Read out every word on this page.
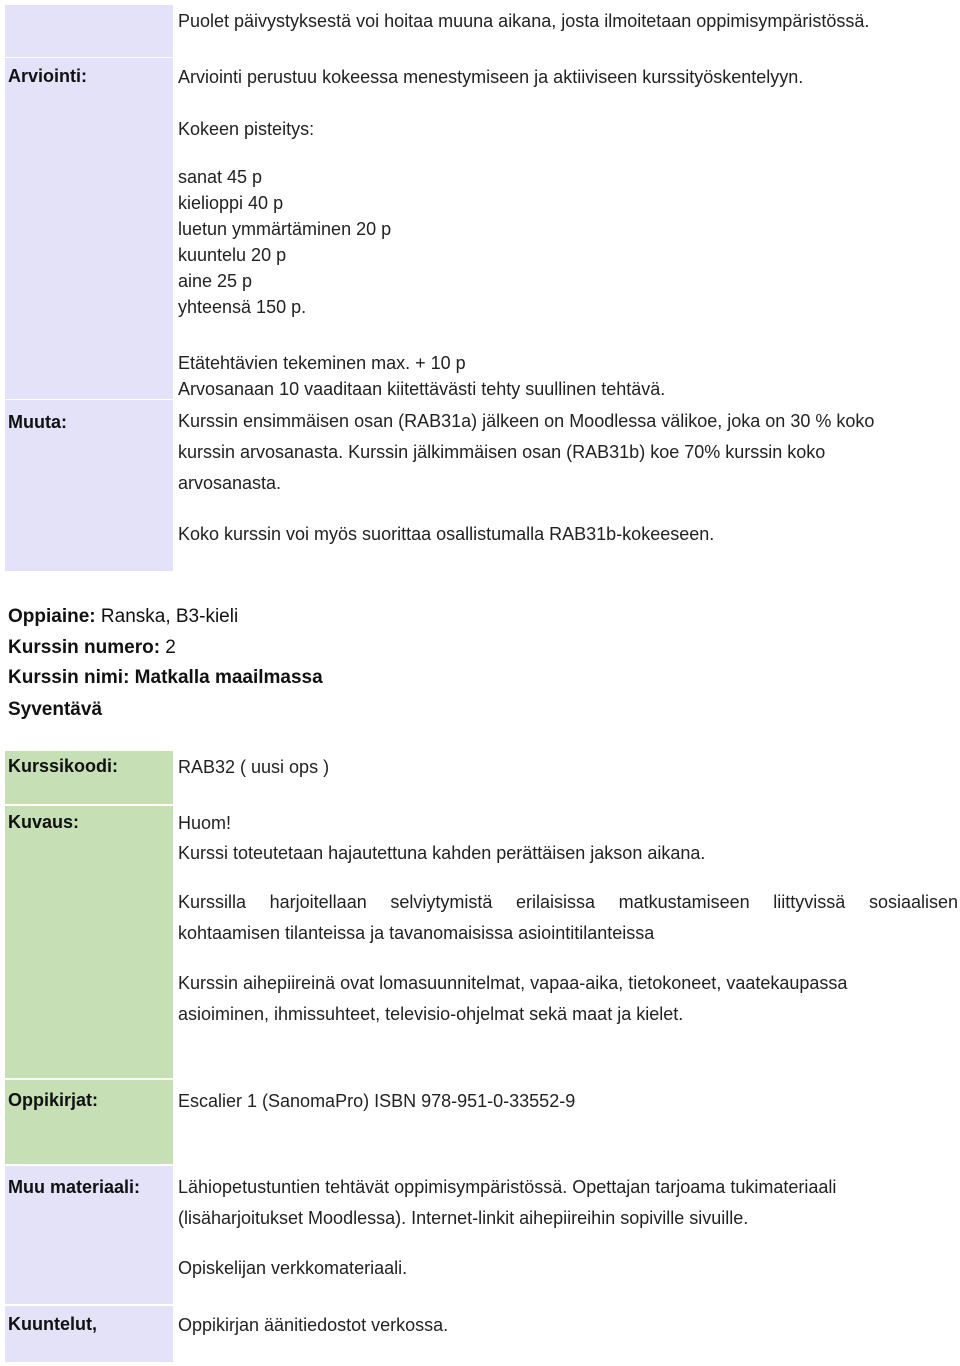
Puolet päivystyksestä voi hoitaa muuna aikana, josta ilmoitetaan oppimisympäristössä.
Arviointi:	Arviointi perustuu kokeessa menestymiseen ja aktiiviseen kurssityöskentelyyn.
Kokeen pisteitys:
sanat 45 p
kielioppi 40 p
luetun ymmärtäminen 20 p
kuuntelu 20 p
aine 25 p
yhteensä 150 p.
Etätehtävien tekeminen max. + 10 p
Arvosanaan 10 vaaditaan kiitettävästi tehty suullinen tehtävä.
Muuta:	Kurssin ensimmäisen osan (RAB31a) jälkeen on Moodlessa välikoe, joka on 30 % koko
kurssin arvosanasta. Kurssin jälkimmäisen osan (RAB31b) koe 70% kurssin koko
arvosanasta.
Koko kurssin voi myös suorittaa osallistumalla RAB31b-kokeeseen.
Oppiaine: Ranska, B3-kieli
Kurssin numero: 2
Kurssin nimi: Matkalla maailmassa
Syventävä
Kurssikoodi:	RAB32 ( uusi ops )
Kuvaus:	Huom!
Kurssi toteutetaan hajautettuna kahden perättäisen jakson aikana.
Kurssilla harjoitellaan selviytymistä erilaisissa matkustamiseen liittyvissä sosiaalisen
kohtaamisen tilanteissa ja tavanomaisissa asiointitilanteissa
Kurssin aihepiireinä ovat lomasuunnitelmat, vapaa-aika, tietokoneet, vaatekaupassa
asioiminen, ihmissuhteet, televisio-ohjelmat sekä maat ja kielet.
Oppikirjat:	Escalier 1 (SanomaPro) ISBN 978-951-0-33552-9
Muu materiaali: Lähiopetustuntien tehtävät oppimisympäristössä. Opettajan tarjoama tukimateriaali
(lisäharjoitukset Moodlessa). Internet-linkit aihepiireihin sopiville sivuille.
Opiskelijan verkkomateriaali.
Kuuntelut,	Oppikirjan äänitiedostot verkossa.
